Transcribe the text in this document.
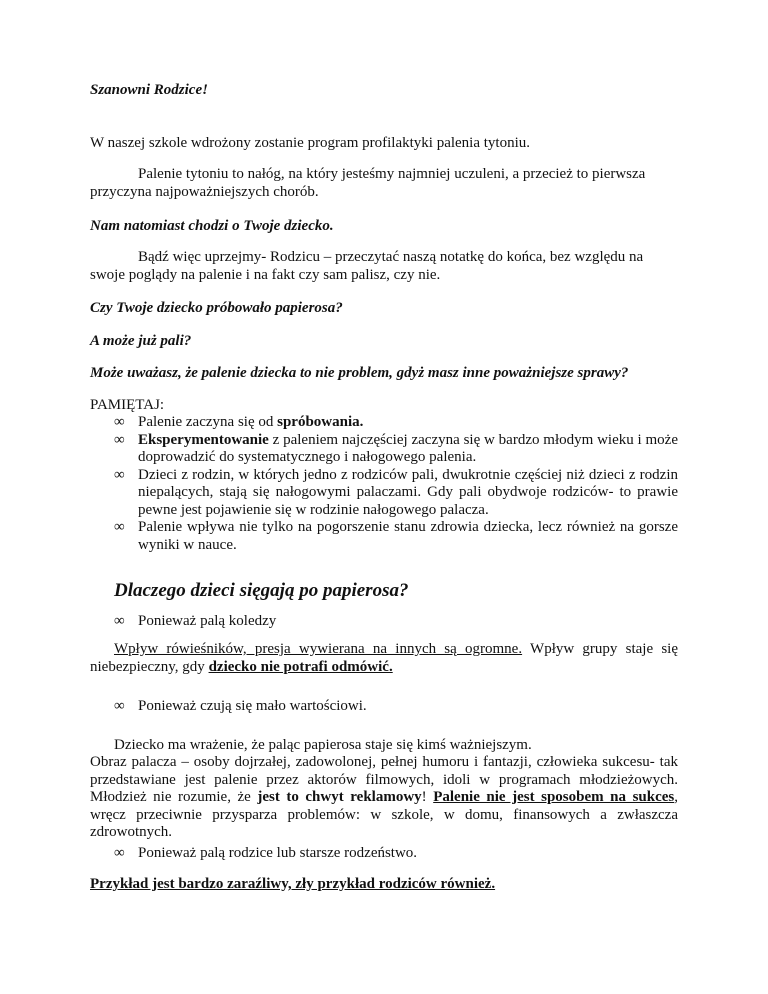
Szanowni Rodzice!

W naszej szkole wdrożony zostanie program profilaktyki palenia tytoniu.

Palenie tytoniu to nałóg, na który jesteśmy najmniej uczuleni, a przecież to pierwsza przyczyna najpoważniejszych chorób.

Nam natomiast chodzi o Twoje dziecko.

Bądź więc uprzejmy- Rodzicu – przeczytać naszą notatkę do końca, bez względu na swoje poglądy na palenie i na fakt czy sam palisz, czy nie.

Czy Twoje dziecko próbowało papierosa?

A może już pali?

Może uważasz, że palenie dziecka to nie problem, gdyż masz inne poważniejsze sprawy?

PAMIĘTAJ:

∞ Palenie zaczyna się od spróbowania.
∞ Eksperymentowanie z paleniem najczęściej zaczyna się w bardzo młodym wieku i może doprowadzić do systematycznego i nałogowego palenia.
∞ Dzieci z rodzin, w których jedno z rodziców pali, dwukrotnie częściej niż dzieci z rodzin niepalących, stają się nałogowymi palaczami. Gdy pali obydwoje rodziców- to prawie pewne jest pojawienie się w rodzinie nałogowego palacza.
∞ Palenie wpływa nie tylko na pogorszenie stanu zdrowia dziecka, lecz również na gorsze wyniki w nauce.
Dlaczego dzieci sięgają po papierosa?
∞ Ponieważ palą koledzy

Wpływ rówieśników, presja wywierana na innych są ogromne. Wpływ grupy staje się niebezpieczny, gdy dziecko nie potrafi odmówić.

∞ Ponieważ czują się mało wartościowi.

Dziecko ma wrażenie, że paląc papierosa staje się kimś ważniejszym.

Obraz palacza – osoby dojrzałej, zadowolonej, pełnej humoru i fantazji, człowieka sukcesu- tak przedstawiane jest palenie przez aktorów filmowych, idoli w programach młodzieżowych. Młodzież nie rozumie, że jest to chwyt reklamowy! Palenie nie jest sposobem na sukces, wręcz przeciwnie przysparza problemów: w szkole, w domu, finansowych a zwłaszcza zdrowotnych.

∞ Ponieważ palą rodzice lub starsze rodzeństwo.

Przykład jest bardzo zaraźliwy, zły przykład rodziców również.
